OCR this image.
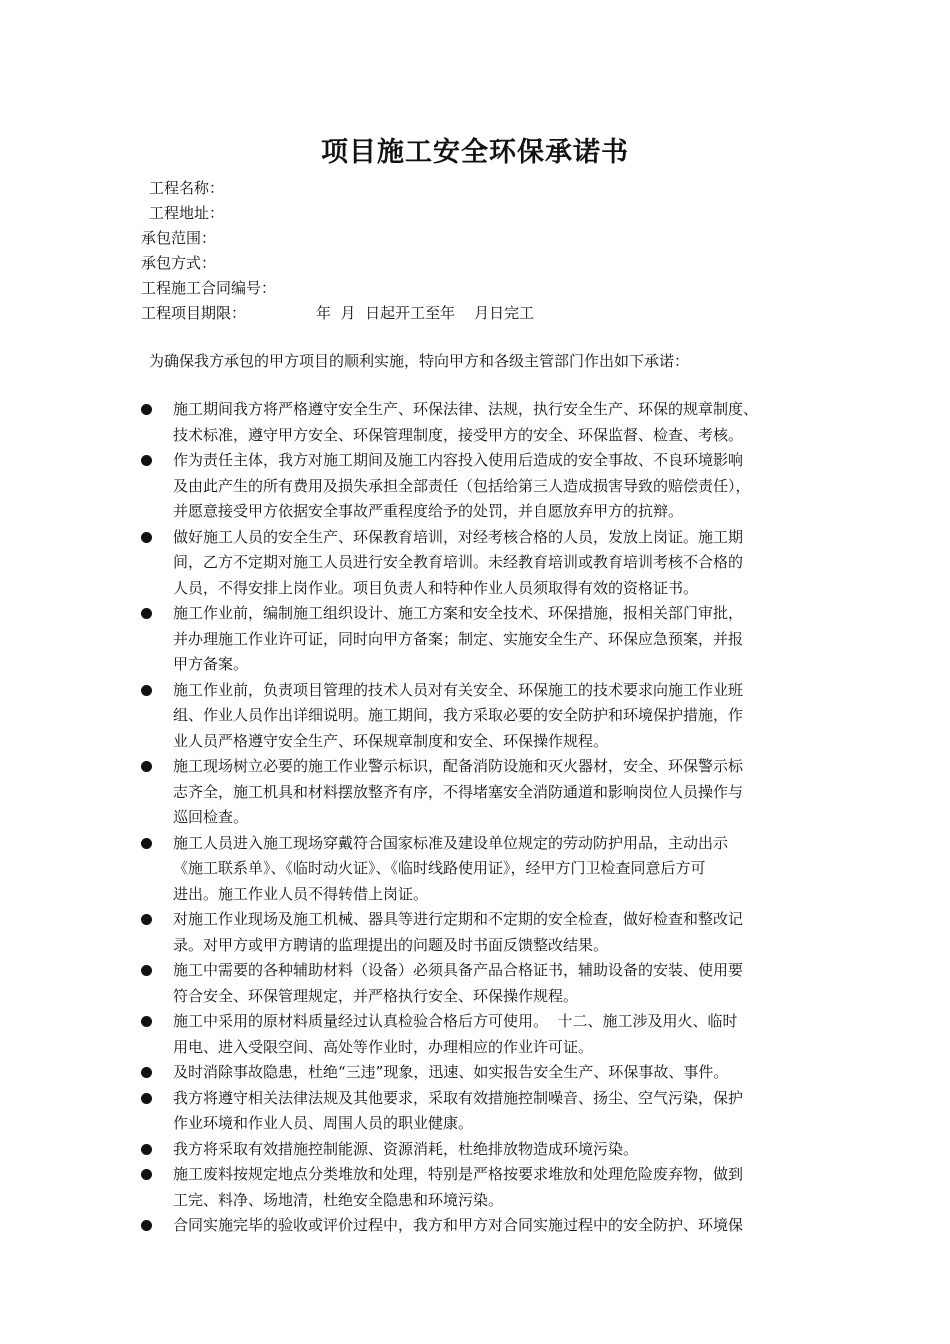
项目施工安全环保承诺书
工程名称：
工程地址：
承包范围：
承包方式：
工程施工合同编号：
工程项目期限：	年  月  日起开工至年    月日完工
为确保我方承包的甲方项目的顺利实施，特向甲方和各级主管部门作出如下承诺：
施工期间我方将严格遵守安全生产、环保法律、法规，执行安全生产、环保的规章制度、
技术标准，遵守甲方安全、环保管理制度，接受甲方的安全、环保监督、检查、考核。
作为责任主体，我方对施工期间及施工内容投入使用后造成的安全事故、不良环境影响
及由此产生的所有费用及损失承担全部责任（包括给第三人造成损害导致的赔偿责任），
并愿意接受甲方依据安全事故严重程度给予的处罚，并自愿放弃甲方的抗辩。
做好施工人员的安全生产、环保教育培训，对经考核合格的人员，发放上岗证。施工期
间，乙方不定期对施工人员进行安全教育培训。未经教育培训或教育培训考核不合格的
人员，不得安排上岗作业。项目负责人和特种作业人员须取得有效的资格证书。
施工作业前，编制施工组织设计、施工方案和安全技术、环保措施，报相关部门审批，
并办理施工作业许可证，同时向甲方备案；制定、实施安全生产、环保应急预案，并报
甲方备案。
施工作业前，负责项目管理的技术人员对有关安全、环保施工的技术要求向施工作业班
组、作业人员作出详细说明。施工期间，我方采取必要的安全防护和环境保护措施，作
业人员严格遵守安全生产、环保规章制度和安全、环保操作规程。
施工现场树立必要的施工作业警示标识，配备消防设施和灭火器材，安全、环保警示标
志齐全，施工机具和材料摆放整齐有序，不得堵塞安全消防通道和影响岗位人员操作与
巡回检查。
施工人员进入施工现场穿戴符合国家标准及建设单位规定的劳动防护用品，主动出示
《施工联系单》、《临时动火证》、《临时线路使用证》，经甲方门卫检查同意后方可
进出。施工作业人员不得转借上岗证。
对施工作业现场及施工机械、器具等进行定期和不定期的安全检查，做好检查和整改记
录。对甲方或甲方聘请的监理提出的问题及时书面反馈整改结果。
施工中需要的各种辅助材料（设备）必须具备产品合格证书，辅助设备的安装、使用要
符合安全、环保管理规定，并严格执行安全、环保操作规程。
施工中采用的原材料质量经过认真检验合格后方可使用。  十二、施工涉及用火、临时
用电、进入受限空间、高处等作业时，办理相应的作业许可证。
及时消除事故隐患，杜绝“三违”现象，迅速、如实报告安全生产、环保事故、事件。
我方将遵守相关法律法规及其他要求，采取有效措施控制噪音、扬尘、空气污染，保护
作业环境和作业人员、周围人员的职业健康。
我方将采取有效措施控制能源、资源消耗，杜绝排放物造成环境污染。
施工废料按规定地点分类堆放和处理，特别是严格按要求堆放和处理危险废弃物，做到
工完、料净、场地清，杜绝安全隐患和环境污染。
合同实施完毕的验收或评价过程中，我方和甲方对合同实施过程中的安全防护、环境保
